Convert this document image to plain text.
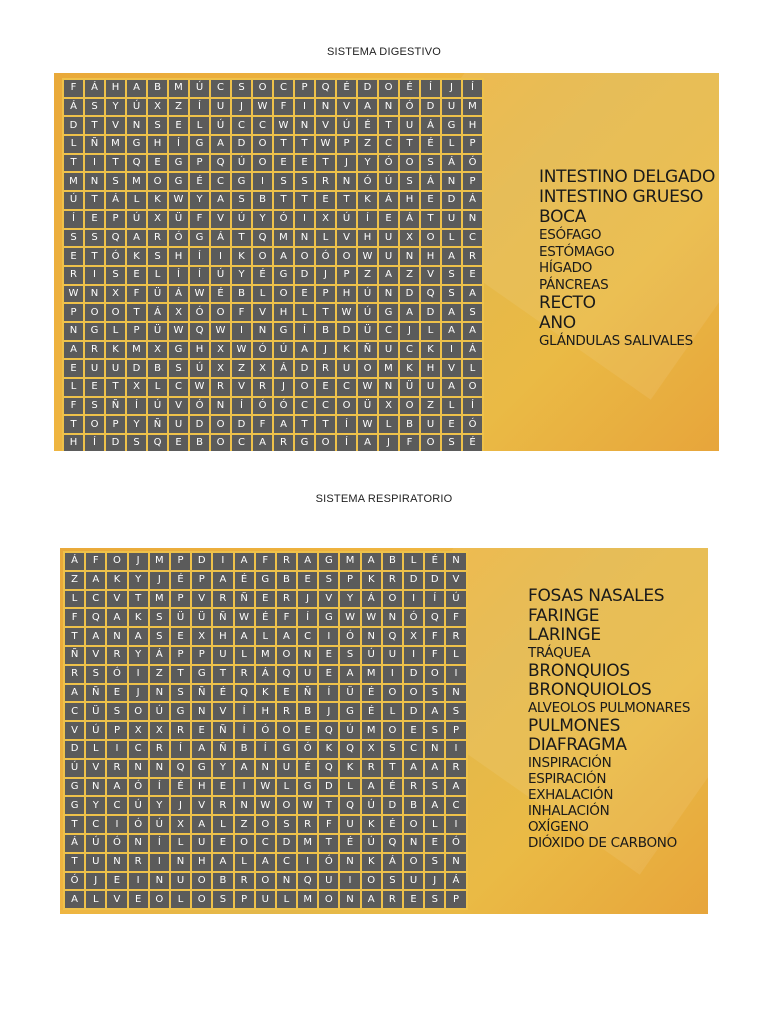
SISTEMA DIGESTIVO
F	Á	H	A	B	M	Ú	C	S	O	C	P	Q	É	D	O	É	Í	J	Í
Á	S	Y	Ú	X	Z	Í	U	J	W	F	I	N	V	A	N	Ó	D	U	M
D	T	V	N	S	E	L	Ú	C	C	W	N	V	Ú	É	T	U	Á	G	H
L	Ñ	M	G	H	Í	G	A	D	O	T	T	W	P	Z	C	T	É	L	P
T	I	T	Q	E	G	P	Q	Ú	O	E	E	T	J	Y	Ó	O	S	Á	Ó
M	N	S	M	O	G	É	C	G	I	S	S	R	N	Ó	Ú	S	Á	N	P
Ú	T	Á	L	K	W	Y	A	S	B	T	T	E	T	K	Á	H	E	D	Á
Í	E	P	Ú	X	Ü	F	V	Ú	Y	Ó	I	X	Ú	Í	E	Á	T	U	N
S	S	Q	A	R	Ó	G	Á	T	Q	M	N	L	V	H	U	X	O	L	C
E	T	Ó	K	S	H	Í	I	K	O	A	O	Ó	O	W	U	N	H	A	R
R	I	S	E	L	Í	Í	Ú	Y	É	G	D	J	P	Z	A	Z	V	S	E
W	N	X	F	Ü	Á	W	É	B	L	O	E	P	H	Ú	N	D	Q	S	A
P	O	O	T	Á	X	Ó	O	F	V	H	L	T	W	Ú	G	A	D	A	S
N	G	L	P	Ü	W	Q	W	I	N	G	Í	B	D	Ü	C	J	L	A	A
A	R	K	M	X	G	H	X	W	Ó	Ú	A	J	K	Ñ	U	C	K	I	Á
E	U	U	D	B	S	Ú	X	Z	X	Á	D	R	U	O	M	K	H	V	L
L	E	T	X	L	C	W	R	V	R	J	O	E	C	W	N	Ü	U	A	O
F	S	Ñ	Í	Ú	V	Ó	N	Í	Ó	Ó	C	C	O	Ü	X	O	Z	L	Í
T	O	P	Y	Ñ	U	D	O	D	F	A	T	T	Í	W	L	B	U	E	Ó
H	Í	D	S	Q	E	B	O	C	A	R	G	O	Í	A	J	F	O	S	É
INTESTINO DELGADO
INTESTINO GRUESO
BOCA
ESÓFAGO
ESTÓMAGO
HÍGADO
PÁNCREAS
RECTO
ANO
GLÁNDULAS SALIVALES
SISTEMA RESPIRATORIO
Á	F	O	J	M	P	D	I	A	F	R	A	G	M	A	B	L	É	N
Z	A	K	Y	J	É	P	A	É	G	B	E	S	P	K	R	D	D	V
L	C	V	T	M	P	V	R	Ñ	E	R	J	V	Y	Á	O	I	Í	Ú
F	Q	A	K	S	Ü	Ü	Ñ	W	É	F	Í	G	W	W	N	Ó	Q	F
T	A	N	A	S	E	X	H	A	L	A	C	I	Ó	N	Q	X	F	R
Ñ	V	R	Y	Á	P	P	U	L	M	O	N	E	S	Ú	U	I	F	L
R	S	Ó	I	Z	T	G	T	R	Á	Q	U	E	A	M	I	D	O	I
A	Ñ	E	J	N	S	Ñ	É	Q	K	E	Ñ	Í	Ü	É	O	O	S	N
C	Ü	S	O	Ú	G	N	V	Í	H	R	B	J	G	É	L	D	A	S
V	Ú	P	X	X	R	E	Ñ	Í	Ó	O	E	Q	Ú	M	O	E	S	P
D	L	I	C	R	Í	A	Ñ	B	Í	G	Ó	K	Q	X	S	C	N	I
Ú	V	R	N	N	Q	G	Y	A	N	U	É	Q	K	R	T	A	A	R
G	N	A	Ó	Í	É	H	E	I	W	L	G	D	L	A	É	R	S	A
G	Y	C	Ú	Y	J	V	R	N	W	O	W	T	Q	Ú	D	B	A	C
T	C	I	Ó	Ú	X	A	L	Z	O	S	R	F	U	K	É	O	L	I
Á	Ú	Ó	N	Í	L	U	E	O	C	D	M	T	É	Ú	Q	N	E	Ó
T	U	N	R	I	N	H	A	L	A	C	I	Ó	N	K	Á	O	S	N
Ó	J	E	I	N	U	O	B	R	O	N	Q	U	I	O	S	U	J	Á
A	L	V	E	O	L	O	S	P	U	L	M	O	N	A	R	E	S	P
FOSAS NASALES
FARINGE
LARINGE
TRÁQUEA
BRONQUIOS
BRONQUIOLOS
ALVEOLOS PULMONARES
PULMONES
DIAFRAGMA
INSPIRACIÓN
ESPIRACIÓN
EXHALACIÓN
INHALACIÓN
OXÍGENO
DIÓXIDO DE CARBONO
